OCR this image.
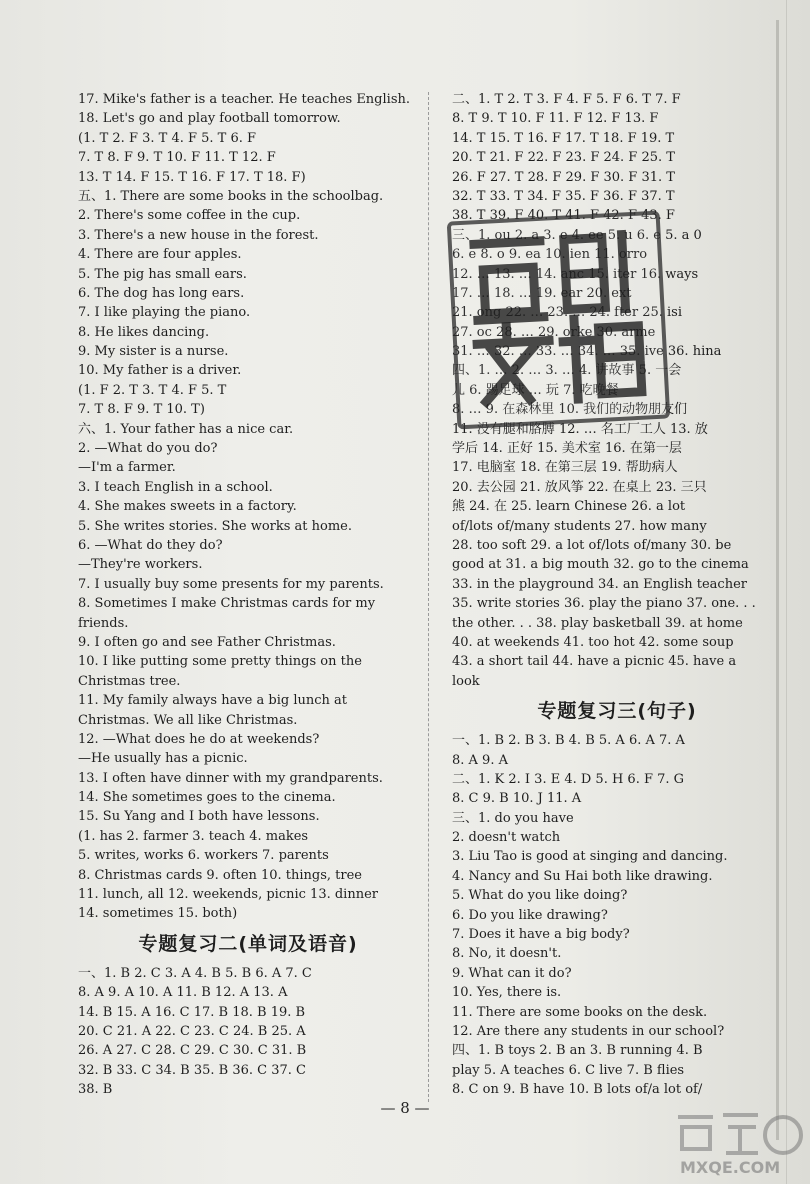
17. Mike's father is a teacher. He teaches English.
18. Let's go and play football tomorrow.
(1. T 2. F 3. T 4. F 5. T 6. F
7. T 8. F 9. T 10. F 11. T 12. F
13. T 14. F 15. T 16. F 17. T 18. F)
五、1. There are some books in the schoolbag.
2. There's some coffee in the cup.
3. There's a new house in the forest.
4. There are four apples.
5. The pig has small ears.
6. The dog has long ears.
7. I like playing the piano.
8. He likes dancing.
9. My sister is a nurse.
10. My father is a driver.
(1. F 2. T 3. T 4. F 5. T
7. T 8. F 9. T 10. T)
六、1. Your father has a nice car.
2. —What do you do?
—I'm a farmer.
3. I teach English in a school.
4. She makes sweets in a factory.
5. She writes stories. She works at home.
6. —What do they do?
—They're workers.
7. I usually buy some presents for my parents.
8. Sometimes I make Christmas cards for my
friends.
9. I often go and see Father Christmas.
10. I like putting some pretty things on the
Christmas tree.
11. My family always have a big lunch at
Christmas. We all like Christmas.
12. —What does he do at weekends?
—He usually has a picnic.
13. I often have dinner with my grandparents.
14. She sometimes goes to the cinema.
15. Su Yang and I both have lessons.
(1. has 2. farmer 3. teach 4. makes
5. writes, works 6. workers 7. parents
8. Christmas cards 9. often 10. things, tree
11. lunch, all 12. weekends, picnic 13. dinner
14. sometimes 15. both)
专题复习二(单词及语音)
一、1. B 2. C 3. A 4. B 5. B 6. A 7. C
8. A 9. A 10. A 11. B 12. A 13. A
14. B 15. A 16. C 17. B 18. B 19. B
20. C 21. A 22. C 23. C 24. B 25. A
26. A 27. C 28. C 29. C 30. C 31. B
32. B 33. C 34. B 35. B 36. C 37. C
38. B
二、1. T 2. T 3. F 4. F 5. F 6. T 7. F
8. T 9. T 10. F 11. F 12. F 13. F
14. T 15. T 16. F 17. T 18. F 19. T
20. T 21. F 22. F 23. F 24. F 25. T
26. F 27. T 28. F 29. F 30. F 31. T
32. T 33. T 34. F 35. F 36. F 37. T
38. T 39. F 40. T 41. F 42. F 43. F
三、1. ou 2. a 3. e 4. ee 5. u 6. e 5. a 0
6. e 8. o 9. ea 10. ien 11. orro
12. … 13. … 14. anc 15. iter 16. ways
17. … 18. … 19. ear 20. ext
21. ong 22. … 23. … 24. fter 25. isi
27. oc 28. … 29. orke 30. arme
31. … 32. … 33. … 34. … 35. ive 36. hina
四、1. … 2. … 3. … 4. 讲故事 5. 一会
儿 6. 踢足球 … 玩 7. 吃晚餐
8. … 9. 在森林里 10. 我们的动物朋友们
11. 没有腿和胳膊 12. … 名工厂工人 13. 放
学后 14. 正好 15. 美术室 16. 在第一层
17. 电脑室 18. 在第三层 19. 帮助病人
20. 去公园 21. 放风筝 22. 在桌上 23. 三只
熊 24. 在 25. learn Chinese 26. a lot
of/lots of/many students 27. how many
28. too soft 29. a lot of/lots of/many 30. be
good at 31. a big mouth 32. go to the cinema
33. in the playground 34. an English teacher
35. write stories 36. play the piano 37. one. . .
the other. . . 38. play basketball 39. at home
40. at weekends 41. too hot 42. some soup
43. a short tail 44. have a picnic 45. have a
look
专题复习三(句子)
一、1. B 2. B 3. B 4. B 5. A 6. A 7. A
8. A 9. A
二、1. K 2. I 3. E 4. D 5. H 6. F 7. G
8. C 9. B 10. J 11. A
三、1. do you have
2. doesn't watch
3. Liu Tao is good at singing and dancing.
4. Nancy and Su Hai both like drawing.
5. What do you like doing?
6. Do you like drawing?
7. Does it have a big body?
8. No, it doesn't.
9. What can it do?
10. Yes, there is.
11. There are some books on the desk.
12. Are there any students in our school?
四、1. B toys 2. B an 3. B running 4. B
play 5. A teaches 6. C live 7. B flies
8. C on 9. B have 10. B lots of/a lot of/
MXQE.COM
— 8 —
